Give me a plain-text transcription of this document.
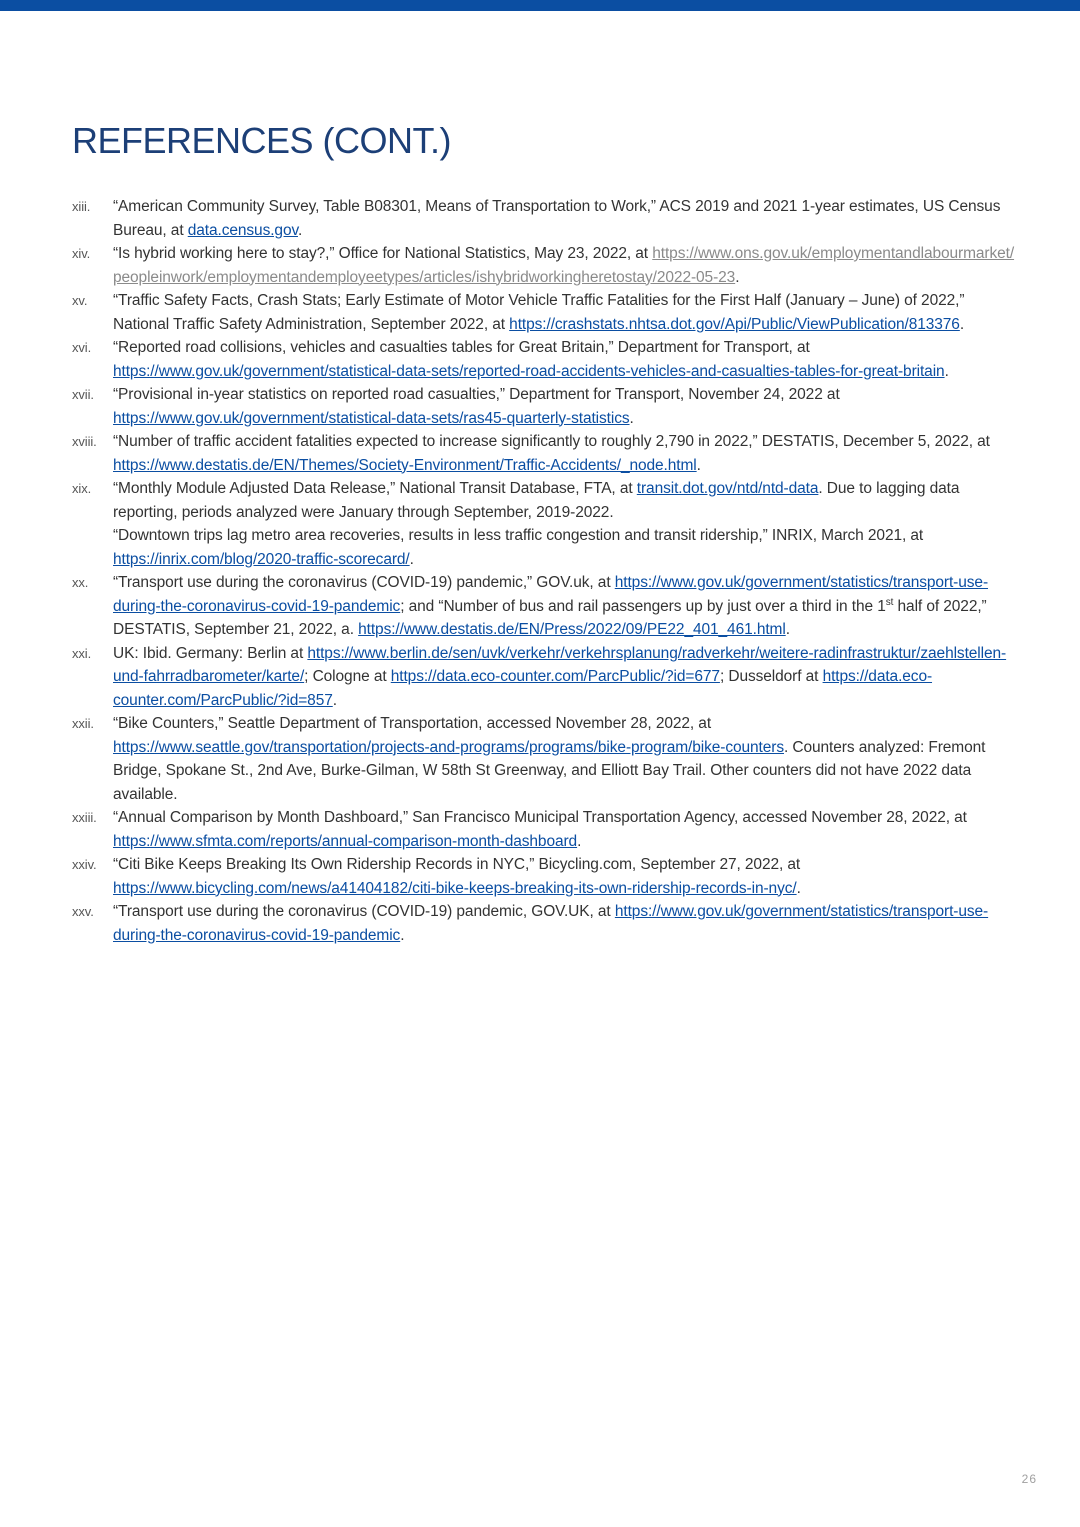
REFERENCES (CONT.)
xiii.	“American Community Survey, Table B08301, Means of Transportation to Work,” ACS 2019 and 2021 1-year estimates, US Census Bureau, at data.census.gov.
xiv.	“Is hybrid working here to stay?,” Office for National Statistics, May 23, 2022, at https://www.ons.gov.uk/employmentandlabourmarket/peopleinwork/employmentandemployeetypes/articles/ishybridworkingheretostay/2022-05-23.
xv.	“Traffic Safety Facts, Crash Stats; Early Estimate of Motor Vehicle Traffic Fatalities for the First Half (January – June) of 2022,” National Traffic Safety Administration, September 2022, at https://crashstats.nhtsa.dot.gov/Api/Public/ViewPublication/813376.
xvi.	“Reported road collisions, vehicles and casualties tables for Great Britain,” Department for Transport, at https://www.gov.uk/government/statistical-data-sets/reported-road-accidents-vehicles-and-casualties-tables-for-great-britain.
xvii.	“Provisional in-year statistics on reported road casualties,” Department for Transport, November 24, 2022 at https://www.gov.uk/government/statistical-data-sets/ras45-quarterly-statistics.
xviii.	“Number of traffic accident fatalities expected to increase significantly to roughly 2,790 in 2022,” DESTATIS, December 5, 2022, at https://www.destatis.de/EN/Themes/Society-Environment/Traffic-Accidents/_node.html.
xix.	“Monthly Module Adjusted Data Release,” National Transit Database, FTA, at transit.dot.gov/ntd/ntd-data. Due to lagging data reporting, periods analyzed were January through September, 2019-2022.
“Downtown trips lag metro area recoveries, results in less traffic congestion and transit ridership,” INRIX, March 2021, at https://inrix.com/blog/2020-traffic-scorecard/.
xx.	“Transport use during the coronavirus (COVID-19) pandemic,” GOV.uk, at https://www.gov.uk/government/statistics/transport-use-during-the-coronavirus-covid-19-pandemic; and “Number of bus and rail passengers up by just over a third in the 1st half of 2022,” DESTATIS, September 21, 2022, a. https://www.destatis.de/EN/Press/2022/09/PE22_401_461.html.
xxi.	UK: Ibid. Germany: Berlin at https://www.berlin.de/sen/uvk/verkehr/verkehrsplanung/radverkehr/weitere-radinfrastruktur/zaehlstellen-und-fahrradbarometer/karte/; Cologne at https://data.eco-counter.com/ParcPublic/?id=677; Dusseldorf at https://data.eco-counter.com/ParcPublic/?id=857.
xxii.	“Bike Counters,” Seattle Department of Transportation, accessed November 28, 2022, at https://www.seattle.gov/transportation/projects-and-programs/programs/bike-program/bike-counters. Counters analyzed: Fremont Bridge, Spokane St., 2nd Ave, Burke-Gilman, W 58th St Greenway, and Elliott Bay Trail. Other counters did not have 2022 data available.
xxiii.	“Annual Comparison by Month Dashboard,” San Francisco Municipal Transportation Agency, accessed November 28, 2022, at https://www.sfmta.com/reports/annual-comparison-month-dashboard.
xxiv.	“Citi Bike Keeps Breaking Its Own Ridership Records in NYC,” Bicycling.com, September 27, 2022, at https://www.bicycling.com/news/a41404182/citi-bike-keeps-breaking-its-own-ridership-records-in-nyc/.
xxv.	“Transport use during the coronavirus (COVID-19) pandemic, GOV.UK, at https://www.gov.uk/government/statistics/transport-use-during-the-coronavirus-covid-19-pandemic.
26
